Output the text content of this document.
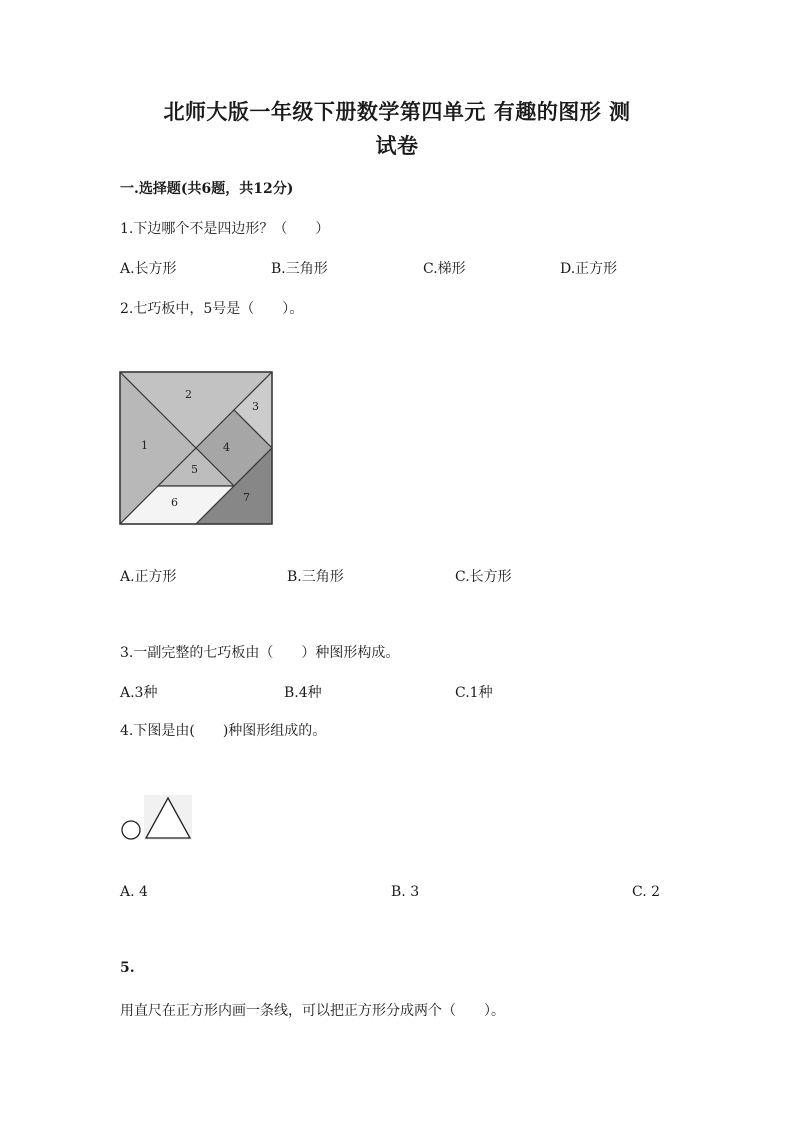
北师大版一年级下册数学第四单元 有趣的图形 测
试卷
一.选择题(共6题，共12分)
1.下边哪个不是四边形？（　　）
A.长方形	B.三角形	C.梯形	D.正方形
2.七巧板中，5号是（　　）。
1
2
3
4
5
6	7
A.正方形	B.三角形	C.长方形
3.一副完整的七巧板由（　　）种图形构成。
A.3种	B.4种	C.1种
4.下图是由(　　)种图形组成的。
A. 4	B. 3	C. 2
5.
用直尺在正方形内画一条线，可以把正方形分成两个（　　）。
